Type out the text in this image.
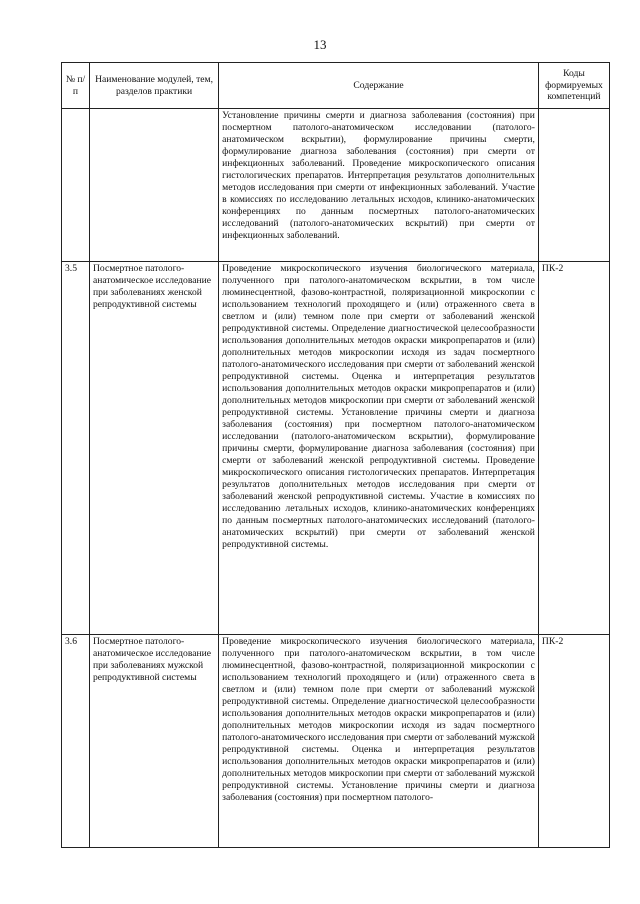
13
№ п/п	Наименование модулей, тем, разделов практики	Содержание	Коды формируемых компетенций
		Установление причины смерти и диагноза заболевания (состояния) при посмертном патолого-анатомическом исследовании (патолого-анатомическом вскрытии), формулирование причины смерти, формулирование диагноза заболевания (состояния) при смерти от инфекционных заболеваний. Проведение микроскопического описания гистологических препаратов. Интерпретация результатов дополнительных методов исследования при смерти от инфекционных заболеваний. Участие в комиссиях по исследованию летальных исходов, клинико-анатомических конференциях по данным посмертных патолого-анатомических исследований (патолого-анатомических вскрытий) при смерти от инфекционных заболеваний.	
3.5	Посмертное патолого-анатомическое исследование при заболеваниях женской репродуктивной системы	Проведение микроскопического изучения биологического материала, полученного при патолого-анатомическом вскрытии, в том числе люминесцентной, фазово-контрастной, поляризационной микроскопии с использованием технологий проходящего и (или) отраженного света в светлом и (или) темном поле при смерти от заболеваний женской репродуктивной системы. Определение диагностической целесообразности использования дополнительных методов окраски микропрепаратов и (или) дополнительных методов микроскопии исходя из задач посмертного патолого-анатомического исследования при смерти от заболеваний женской репродуктивной системы. Оценка и интерпретация результатов использования дополнительных методов окраски микропрепаратов и (или) дополнительных методов микроскопии при смерти от заболеваний женской репродуктивной системы. Установление причины смерти и диагноза заболевания (состояния) при посмертном патолого-анатомическом исследовании (патолого-анатомическом вскрытии), формулирование причины смерти, формулирование диагноза заболевания (состояния) при смерти от заболеваний женской репродуктивной системы. Проведение микроскопического описания гистологических препаратов. Интерпретация результатов дополнительных методов исследования при смерти от заболеваний женской репродуктивной системы. Участие в комиссиях по исследованию летальных исходов, клинико-анатомических конференциях по данным посмертных патолого-анатомических исследований (патолого-анатомических вскрытий) при смерти от заболеваний женской репродуктивной системы.	ПК-2
3.6	Посмертное патолого-анатомическое исследование при заболеваниях мужской репродуктивной системы	Проведение микроскопического изучения биологического материала, полученного при патолого-анатомическом вскрытии, в том числе люминесцентной, фазово-контрастной, поляризационной микроскопии с использованием технологий проходящего и (или) отраженного света в светлом и (или) темном поле при смерти от заболеваний мужской репродуктивной системы. Определение диагностической целесообразности использования дополнительных методов окраски микропрепаратов и (или) дополнительных методов микроскопии исходя из задач посмертного патолого-анатомического исследования при смерти от заболеваний мужской репродуктивной системы. Оценка и интерпретация результатов использования дополнительных методов окраски микропрепаратов и (или) дополнительных методов микроскопии при смерти от заболеваний мужской репродуктивной системы. Установление причины смерти и диагноза заболевания (состояния) при посмертном патолого-	ПК-2
